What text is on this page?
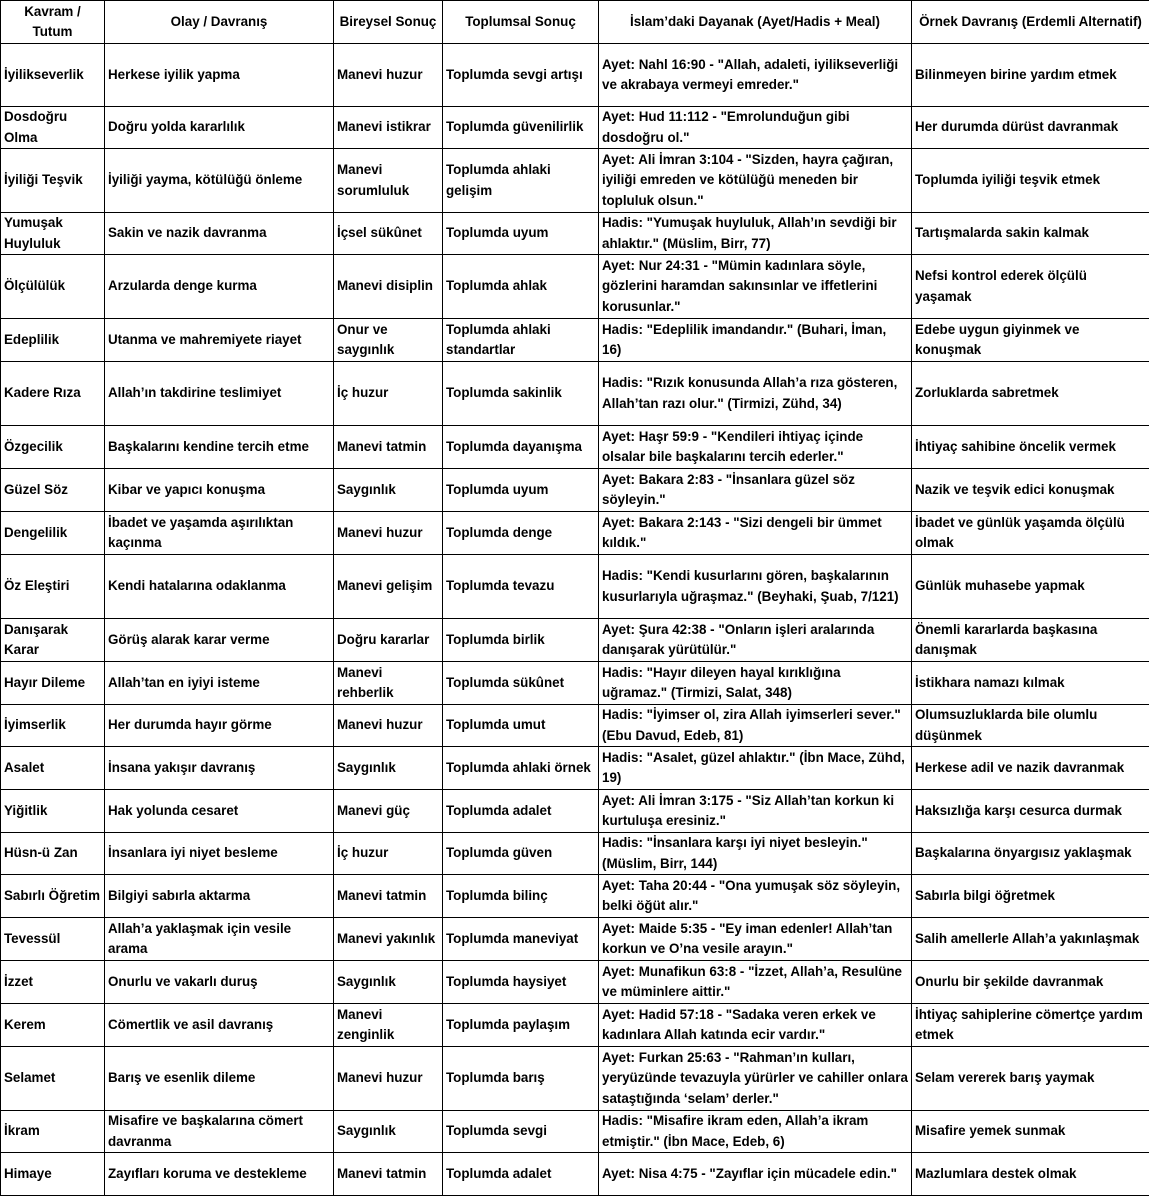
Kavram / Tutum	Olay / Davranış	Bireysel Sonuç	Toplumsal Sonuç	İslam’daki Dayanak (Ayet/Hadis + Meal)	Örnek Davranış (Erdemli Alternatif)
İyilikseverlik	Herkese iyilik yapma	Manevi huzur	Toplumda sevgi artışı	Ayet: Nahl 16:90 - "Allah, adaleti, iyilikseverliği ve akrabaya vermeyi emreder."	Bilinmeyen birine yardım etmek
Dosdoğru Olma	Doğru yolda kararlılık	Manevi istikrar	Toplumda güvenilirlik	Ayet: Hud 11:112 - "Emrolunduğun gibi dosdoğru ol."	Her durumda dürüst davranmak
İyiliği Teşvik	İyiliği yayma, kötülüğü önleme	Manevi sorumluluk	Toplumda ahlaki gelişim	Ayet: Ali İmran 3:104 - "Sizden, hayra çağıran, iyiliği emreden ve kötülüğü meneden bir topluluk olsun."	Toplumda iyiliği teşvik etmek
Yumuşak Huyluluk	Sakin ve nazik davranma	İçsel sükûnet	Toplumda uyum	Hadis: "Yumuşak huyluluk, Allah’ın sevdiği bir ahlaktır." (Müslim, Birr, 77)	Tartışmalarda sakin kalmak
Ölçülülük	Arzularda denge kurma	Manevi disiplin	Toplumda ahlak	Ayet: Nur 24:31 - "Mümin kadınlara söyle, gözlerini haramdan sakınsınlar ve iffetlerini korusunlar."	Nefsi kontrol ederek ölçülü yaşamak
Edeplilik	Utanma ve mahremiyete riayet	Onur ve saygınlık	Toplumda ahlaki standartlar	Hadis: "Edeplilik imandandır." (Buhari, İman, 16)	Edebe uygun giyinmek ve konuşmak
Kadere Rıza	Allah’ın takdirine teslimiyet	İç huzur	Toplumda sakinlik	Hadis: "Rızık konusunda Allah’a rıza gösteren, Allah’tan razı olur." (Tirmizi, Zühd, 34)	Zorluklarda sabretmek
Özgecilik	Başkalarını kendine tercih etme	Manevi tatmin	Toplumda dayanışma	Ayet: Haşr 59:9 - "Kendileri ihtiyaç içinde olsalar bile başkalarını tercih ederler."	İhtiyaç sahibine öncelik vermek
Güzel Söz	Kibar ve yapıcı konuşma	Saygınlık	Toplumda uyum	Ayet: Bakara 2:83 - "İnsanlara güzel söz söyleyin."	Nazik ve teşvik edici konuşmak
Dengelilik	İbadet ve yaşamda aşırılıktan kaçınma	Manevi huzur	Toplumda denge	Ayet: Bakara 2:143 - "Sizi dengeli bir ümmet kıldık."	İbadet ve günlük yaşamda ölçülü olmak
Öz Eleştiri	Kendi hatalarına odaklanma	Manevi gelişim	Toplumda tevazu	Hadis: "Kendi kusurlarını gören, başkalarının kusurlarıyla uğraşmaz." (Beyhaki, Şuab, 7/121)	Günlük muhasebe yapmak
Danışarak Karar	Görüş alarak karar verme	Doğru kararlar	Toplumda birlik	Ayet: Şura 42:38 - "Onların işleri aralarında danışarak yürütülür."	Önemli kararlarda başkasına danışmak
Hayır Dileme	Allah’tan en iyiyi isteme	Manevi rehberlik	Toplumda sükûnet	Hadis: "Hayır dileyen hayal kırıklığına uğramaz." (Tirmizi, Salat, 348)	İstikhara namazı kılmak
İyimserlik	Her durumda hayır görme	Manevi huzur	Toplumda umut	Hadis: "İyimser ol, zira Allah iyimserleri sever." (Ebu Davud, Edeb, 81)	Olumsuzluklarda bile olumlu düşünmek
Asalet	İnsana yakışır davranış	Saygınlık	Toplumda ahlaki örnek	Hadis: "Asalet, güzel ahlaktır." (İbn Mace, Zühd, 19)	Herkese adil ve nazik davranmak
Yiğitlik	Hak yolunda cesaret	Manevi güç	Toplumda adalet	Ayet: Ali İmran 3:175 - "Siz Allah’tan korkun ki kurtuluşa eresiniz."	Haksızlığa karşı cesurca durmak
Hüsn-ü Zan	İnsanlara iyi niyet besleme	İç huzur	Toplumda güven	Hadis: "İnsanlara karşı iyi niyet besleyin." (Müslim, Birr, 144)	Başkalarına önyargısız yaklaşmak
Sabırlı Öğretim	Bilgiyi sabırla aktarma	Manevi tatmin	Toplumda bilinç	Ayet: Taha 20:44 - "Ona yumuşak söz söyleyin, belki öğüt alır."	Sabırla bilgi öğretmek
Tevessül	Allah’a yaklaşmak için vesile arama	Manevi yakınlık	Toplumda maneviyat	Ayet: Maide 5:35 - "Ey iman edenler! Allah’tan korkun ve O’na vesile arayın."	Salih amellerle Allah’a yakınlaşmak
İzzet	Onurlu ve vakarlı duruş	Saygınlık	Toplumda haysiyet	Ayet: Munafikun 63:8 - "İzzet, Allah’a, Resulüne ve müminlere aittir."	Onurlu bir şekilde davranmak
Kerem	Cömertlik ve asil davranış	Manevi zenginlik	Toplumda paylaşım	Ayet: Hadid 57:18 - "Sadaka veren erkek ve kadınlara Allah katında ecir vardır."	İhtiyaç sahiplerine cömertçe yardım etmek
Selamet	Barış ve esenlik dileme	Manevi huzur	Toplumda barış	Ayet: Furkan 25:63 - "Rahman’ın kulları, yeryüzünde tevazuyla yürürler ve cahiller onlara sataştığında ‘selam’ derler."	Selam vererek barış yaymak
İkram	Misafire ve başkalarına cömert davranma	Saygınlık	Toplumda sevgi	Hadis: "Misafire ikram eden, Allah’a ikram etmiştir." (İbn Mace, Edeb, 6)	Misafire yemek sunmak
Himaye	Zayıfları koruma ve destekleme	Manevi tatmin	Toplumda adalet	Ayet: Nisa 4:75 - "Zayıflar için mücadele edin."	Mazlumlara destek olmak
